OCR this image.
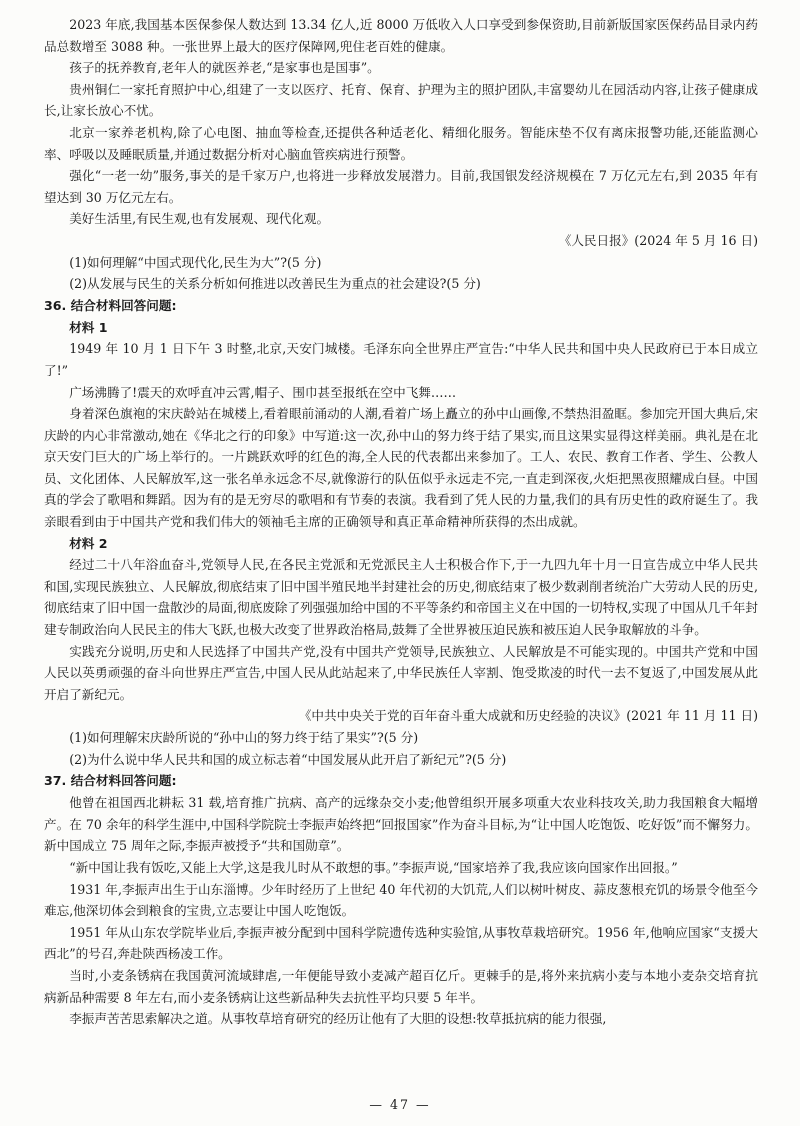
2023 年底,我国基本医保参保人数达到 13.34 亿人,近 8000 万低收入人口享受到参保资助,目前新版国家医保药品目录内药品总数增至 3088 种。一张世界上最大的医疗保障网,兜住老百姓的健康。

孩子的抚养教育,老年人的就医养老,“是家事也是国事”。

贵州铜仁一家托育照护中心,组建了一支以医疗、托育、保育、护理为主的照护团队,丰富婴幼儿在园活动内容,让孩子健康成长,让家长放心不忧。

北京一家养老机构,除了心电图、抽血等检查,还提供各种适老化、精细化服务。智能床垫不仅有离床报警功能,还能监测心率、呼吸以及睡眠质量,并通过数据分析对心脑血管疾病进行预警。

强化“一老一幼”服务,事关的是千家万户,也将进一步释放发展潜力。目前,我国银发经济规模在 7 万亿元左右,到 2035 年有望达到 30 万亿元左右。

美好生活里,有民生观,也有发展观、现代化观。

《人民日报》(2024 年 5 月 16 日)

(1)如何理解“中国式现代化,民生为大”?(5 分)

(2)从发展与民生的关系分析如何推进以改善民生为重点的社会建设?(5 分)

36. 结合材料回答问题:

材料 1

1949 年 10 月 1 日下午 3 时整,北京,天安门城楼。毛泽东向全世界庄严宣告:“中华人民共和国中央人民政府已于本日成立了!”

广场沸腾了!震天的欢呼直冲云霄,帽子、围巾甚至报纸在空中飞舞……

身着深色旗袍的宋庆龄站在城楼上,看着眼前涌动的人潮,看着广场上矗立的孙中山画像,不禁热泪盈眶。参加完开国大典后,宋庆龄的内心非常激动,她在《华北之行的印象》中写道:这一次,孙中山的努力终于结了果实,而且这果实显得这样美丽。典礼是在北京天安门巨大的广场上举行的。一片跳跃欢呼的红色的海,全人民的代表都出来参加了。工人、农民、教育工作者、学生、公教人员、文化团体、人民解放军,这一张名单永远念不尽,就像游行的队伍似乎永远走不完,一直走到深夜,火炬把黑夜照耀成白昼。中国真的学会了歌唱和舞蹈。因为有的是无穷尽的歌唱和有节奏的表演。我看到了凭人民的力量,我们的具有历史性的政府诞生了。我亲眼看到由于中国共产党和我们伟大的领袖毛主席的正确领导和真正革命精神所获得的杰出成就。

材料 2

经过二十八年浴血奋斗,党领导人民,在各民主党派和无党派民主人士积极合作下,于一九四九年十月一日宣告成立中华人民共和国,实现民族独立、人民解放,彻底结束了旧中国半殖民地半封建社会的历史,彻底结束了极少数剥削者统治广大劳动人民的历史,彻底结束了旧中国一盘散沙的局面,彻底废除了列强强加给中国的不平等条约和帝国主义在中国的一切特权,实现了中国从几千年封建专制政治向人民民主的伟大飞跃,也极大改变了世界政治格局,鼓舞了全世界被压迫民族和被压迫人民争取解放的斗争。

实践充分说明,历史和人民选择了中国共产党,没有中国共产党领导,民族独立、人民解放是不可能实现的。中国共产党和中国人民以英勇顽强的奋斗向世界庄严宣告,中国人民从此站起来了,中华民族任人宰割、饱受欺凌的时代一去不复返了,中国发展从此开启了新纪元。

《中共中央关于党的百年奋斗重大成就和历史经验的决议》(2021 年 11 月 11 日)

(1)如何理解宋庆龄所说的“孙中山的努力终于结了果实”?(5 分)

(2)为什么说中华人民共和国的成立标志着“中国发展从此开启了新纪元”?(5 分)

37. 结合材料回答问题:

他曾在祖国西北耕耘 31 载,培育推广抗病、高产的远缘杂交小麦;他曾组织开展多项重大农业科技攻关,助力我国粮食大幅增产。在 70 余年的科学生涯中,中国科学院院士李振声始终把“回报国家”作为奋斗目标,为“让中国人吃饱饭、吃好饭”而不懈努力。新中国成立 75 周年之际,李振声被授予“共和国勋章”。

“新中国让我有饭吃,又能上大学,这是我儿时从不敢想的事。”李振声说,“国家培养了我,我应该向国家作出回报。”

1931 年,李振声出生于山东淄博。少年时经历了上世纪 40 年代初的大饥荒,人们以树叶树皮、蒜皮葱根充饥的场景令他至今难忘,他深切体会到粮食的宝贵,立志要让中国人吃饱饭。

1951 年从山东农学院毕业后,李振声被分配到中国科学院遗传选种实验馆,从事牧草栽培研究。1956 年,他响应国家“支援大西北”的号召,奔赴陕西杨凌工作。

当时,小麦条锈病在我国黄河流域肆虐,一年便能导致小麦减产超百亿斤。更棘手的是,将外来抗病小麦与本地小麦杂交培育抗病新品种需要 8 年左右,而小麦条锈病让这些新品种失去抗性平均只要 5 年半。

李振声苦苦思索解决之道。从事牧草培育研究的经历让他有了大胆的设想:牧草抵抗病的能力很强,

— 47 —
